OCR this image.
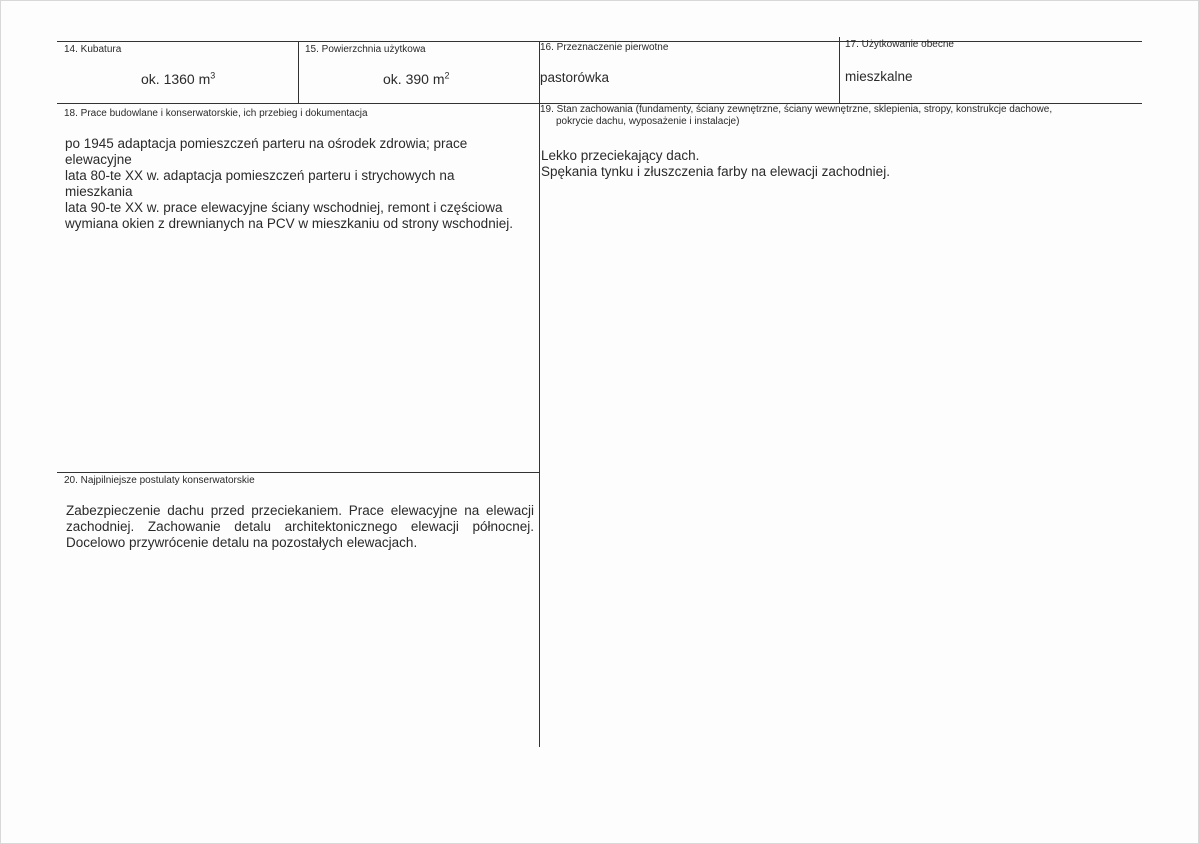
14. Kubatura
ok. 1360 $m^3$
15. Powierzchnia użytkowa
ok. 390 $m^2$
16. Przeznaczenie pierwotne
pastorówka
17. Użytkowanie obecne
mieszkalne
18. Prace budowlane i konserwatorskie, ich przebieg i dokumentacja

po 1945 adaptacja pomieszczeń parteru na ośrodek zdrowia; prace elewacyjne

lata 80-te XX w. adaptacja pomieszczeń parteru i strychowych na mieszkania

lata 90-te XX w. prace elewacyjne ściany wschodniej, remont i częściowa wymiana okien z drewnianych na PCV w mieszkaniu od strony wschodniej.

19. Stan zachowania (fundamenty, ściany zewnętrzne, ściany wewnętrzne, sklepienia, stropy, konstrukcje dachowe,
pokrycie dachu, wyposażenie i instalacje)

Lekko przeciekający dach.

Spękania tynku i złuszczenia farby na elewacji zachodniej.

20. Najpilniejsze postulaty konserwatorskie

Zabezpieczenie dachu przed przeciekaniem. Prace elewacyjne na elewacji zachodniej. Zachowanie detalu architektonicznego elewacji północnej. Docelowo przywrócenie detalu na pozostałych elewacjach.
